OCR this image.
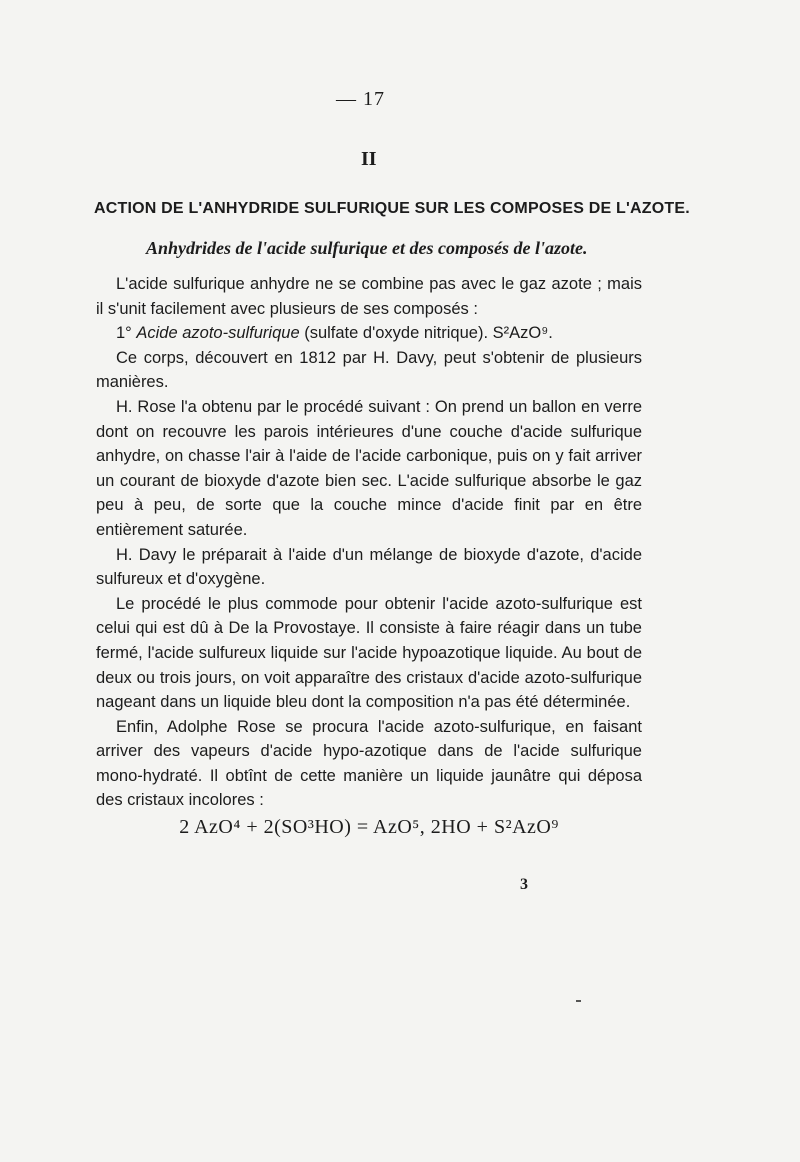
— 17
II
ACTION DE L'ANHYDRIDE SULFURIQUE SUR LES COMPOSES DE L'AZOTE.
Anhydrides de l'acide sulfurique et des composés de l'azote.

L'acide sulfurique anhydre ne se combine pas avec le gaz azote ; mais il s'unit facilement avec plusieurs de ses composés :

1° Acide azoto-sulfurique (sulfate d'oxyde nitrique). S²AzO⁹.

Ce corps, découvert en 1812 par H. Davy, peut s'obtenir de plusieurs manières.

H. Rose l'a obtenu par le procédé suivant : On prend un ballon en verre dont on recouvre les parois intérieures d'une couche d'acide sulfurique anhydre, on chasse l'air à l'aide de l'acide carbonique, puis on y fait arriver un courant de bioxyde d'azote bien sec. L'acide sulfurique absorbe le gaz peu à peu, de sorte que la couche mince d'acide finit par en être entièrement saturée.

H. Davy le préparait à l'aide d'un mélange de bioxyde d'azote, d'acide sulfureux et d'oxygène.

Le procédé le plus commode pour obtenir l'acide azoto-sulfurique est celui qui est dû à De la Provostaye. Il consiste à faire réagir dans un tube fermé, l'acide sulfureux liquide sur l'acide hypoazotique liquide. Au bout de deux ou trois jours, on voit apparaître des cristaux d'acide azoto-sulfurique nageant dans un liquide bleu dont la composition n'a pas été déterminée.

Enfin, Adolphe Rose se procura l'acide azoto-sulfurique, en faisant arriver des vapeurs d'acide hypo-azotique dans de l'acide sulfurique mono-hydraté. Il obtînt de cette manière un liquide jaunâtre qui déposa des cristaux incolores :

2 AzO⁴ + 2(SO³HO) = AzO⁵, 2HO + S²AzO⁹
3
